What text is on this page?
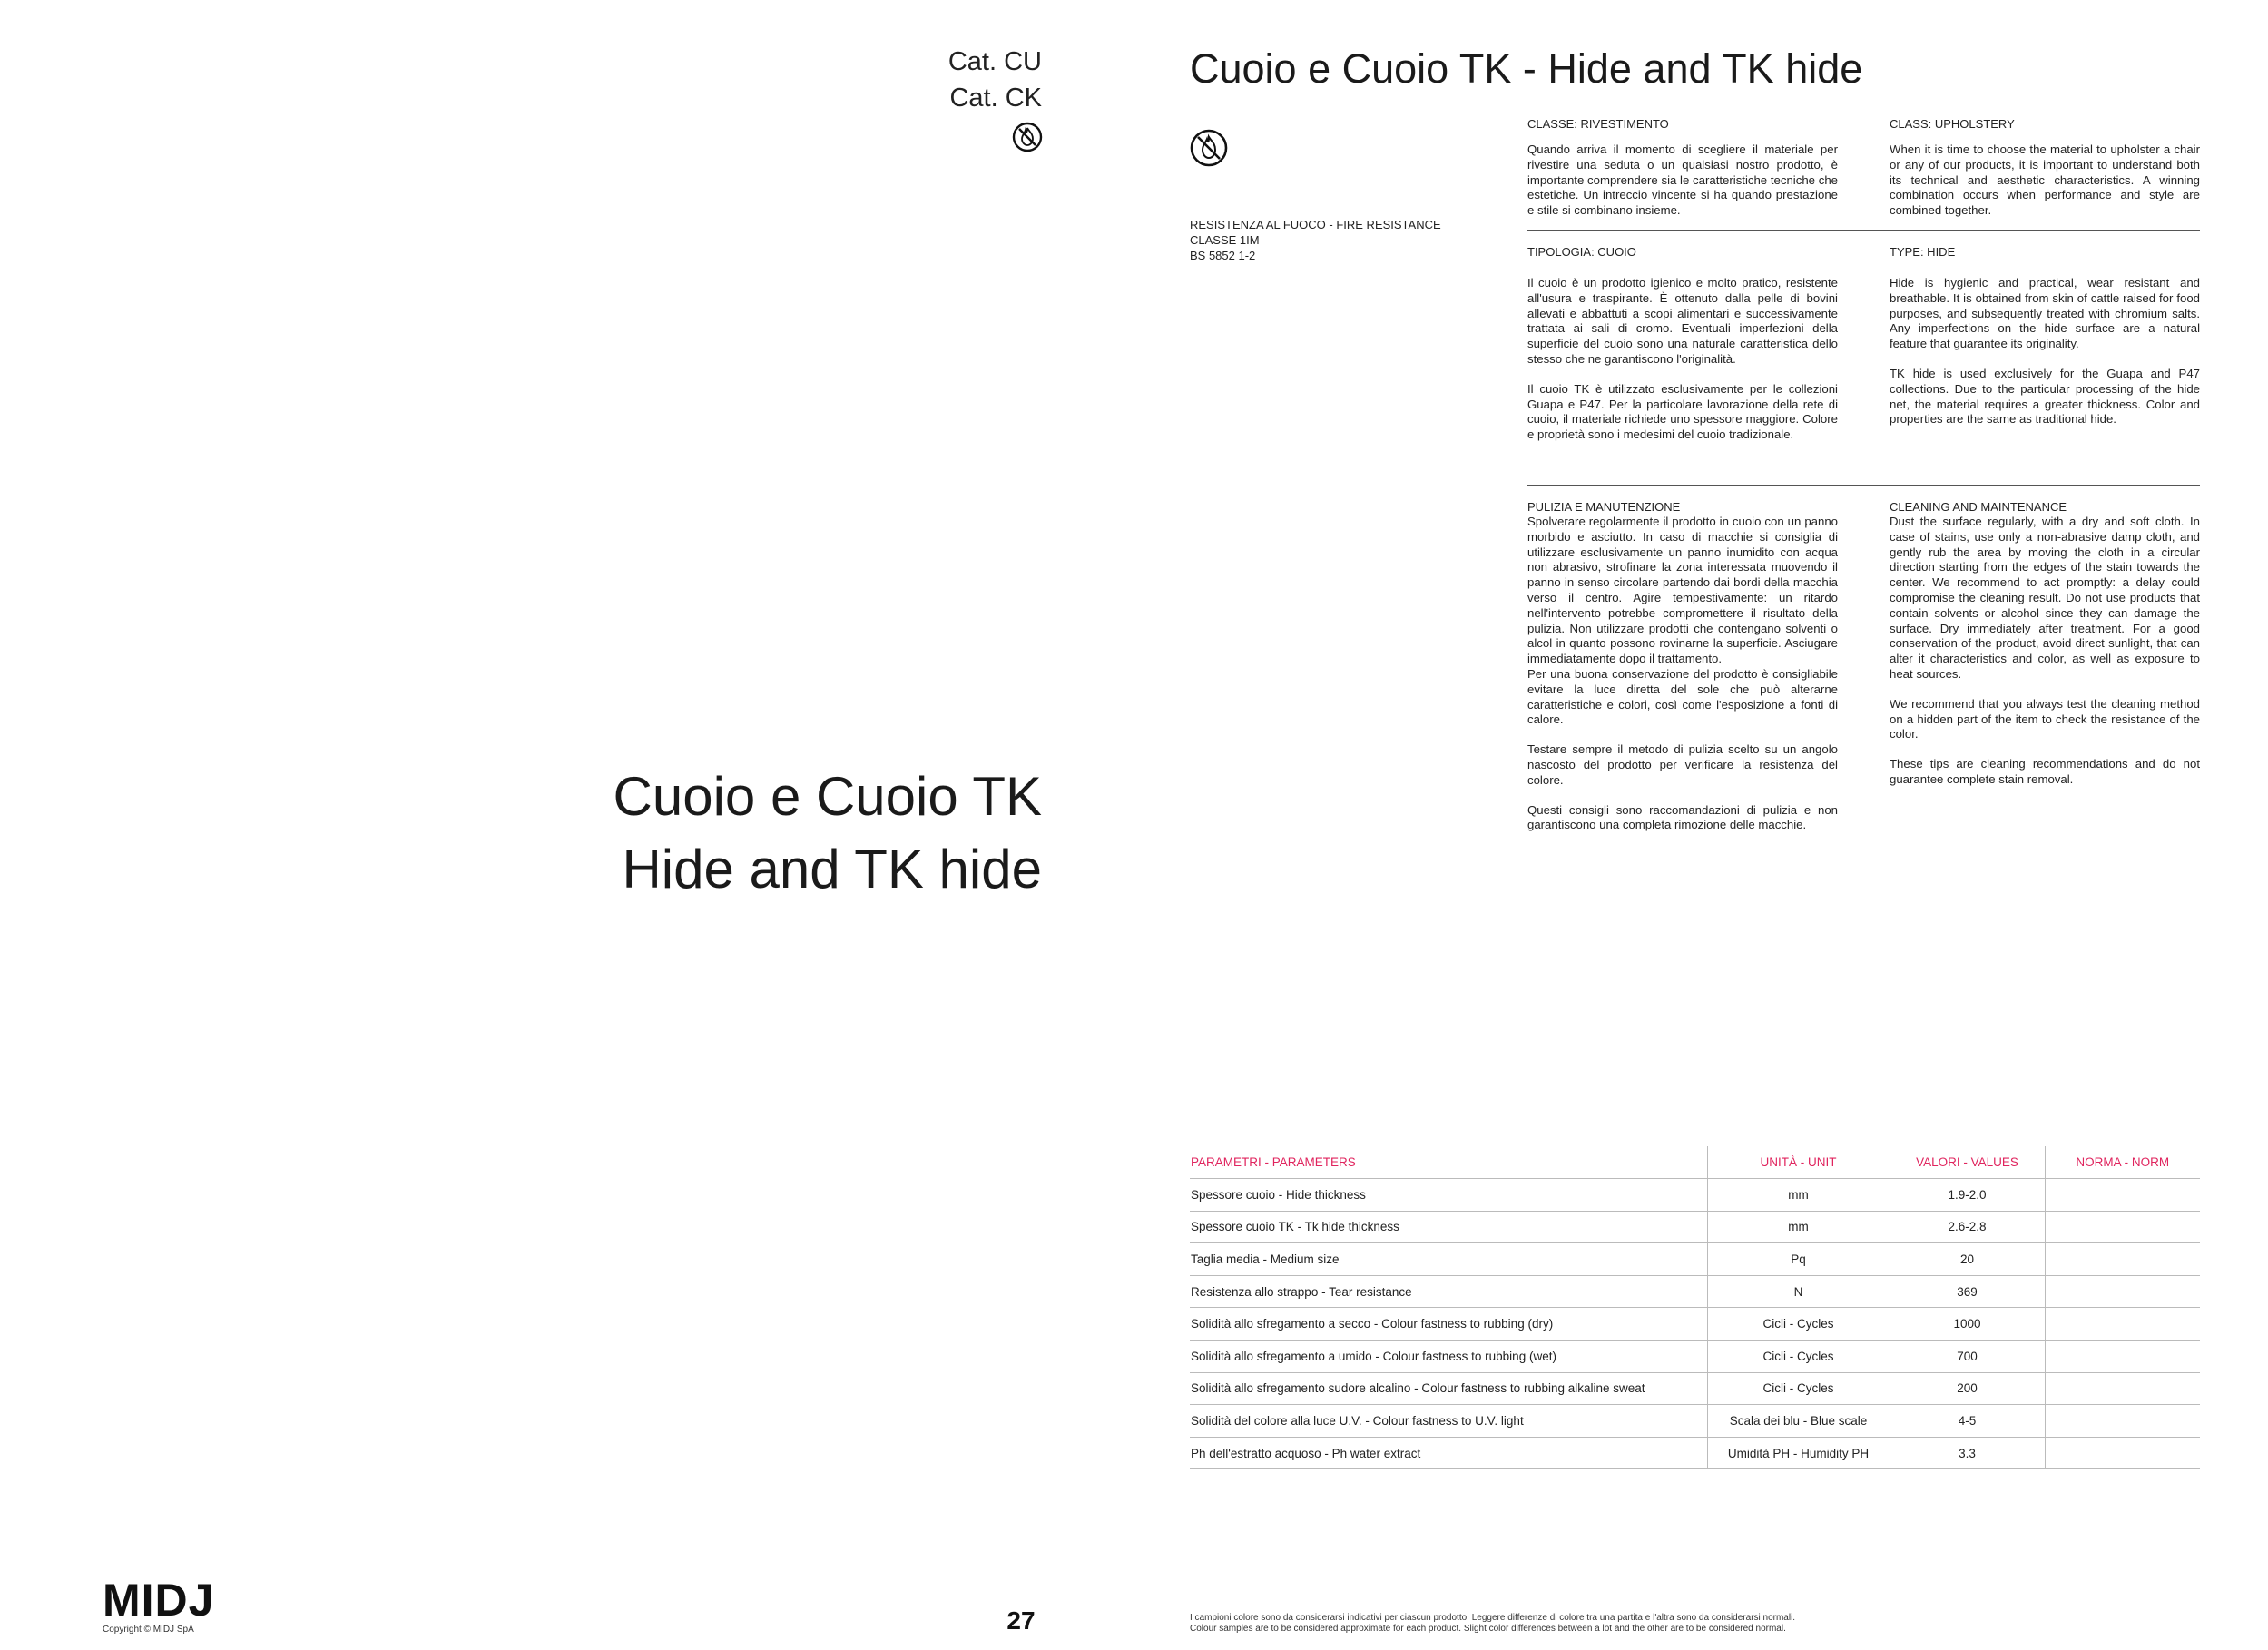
Cat. CU
Cat. CK
Cuoio e Cuoio TK
Hide and TK hide
MIDJ
Copyright © MIDJ SpA	27
Cuoio e Cuoio TK - Hide and TK hide
RESISTENZA AL FUOCO - FIRE RESISTANCE
CLASSE 1IM
BS 5852 1-2
CLASSE: RIVESTIMENTO

Quando arriva il momento di scegliere il materiale per rivestire una seduta o un qualsiasi nostro prodotto, è importante comprendere sia le caratteristiche tecniche che estetiche. Un intreccio vincente si ha quando prestazione e stile si combinano insieme.

CLASS: UPHOLSTERY

When it is time to choose the material to upholster a chair or any of our products, it is important to understand both its technical and aesthetic characteristics. A winning combination occurs when performance and style are combined together.

TIPOLOGIA: CUOIO

Il cuoio è un prodotto igienico e molto pratico, resistente all'usura e traspirante. È ottenuto dalla pelle di bovini allevati e abbattuti a scopi alimentari e successivamente trattata ai sali di cromo. Eventuali imperfezioni della superficie del cuoio sono una naturale caratteristica dello stesso che ne garantiscono l'originalità.

Il cuoio TK è utilizzato esclusivamente per le collezioni Guapa e P47. Per la particolare lavorazione della rete di cuoio, il materiale richiede uno spessore maggiore. Colore e proprietà sono i medesimi del cuoio tradizionale.

TYPE: HIDE

Hide is hygienic and practical, wear resistant and breathable. It is obtained from skin of cattle raised for food purposes, and subsequently treated with chromium salts. Any imperfections on the hide surface are a natural feature that guarantee its originality.

TK hide is used exclusively for the Guapa and P47 collections. Due to the particular processing of the hide net, the material requires a greater thickness. Color and properties are the same as traditional hide.

PULIZIA E MANUTENZIONE

Spolverare regolarmente il prodotto in cuoio con un panno morbido e asciutto. In caso di macchie si consiglia di utilizzare esclusivamente un panno inumidito con acqua non abrasivo, strofinare la zona interessata muovendo il panno in senso circolare partendo dai bordi della macchia verso il centro. Agire tempestivamente: un ritardo nell'intervento potrebbe compromettere il risultato della pulizia. Non utilizzare prodotti che contengano solventi o alcol in quanto possono rovinarne la superficie. Asciugare immediatamente dopo il trattamento.

Per una buona conservazione del prodotto è consigliabile evitare la luce diretta del sole che può alterarne caratteristiche e colori, così come l'esposizione a fonti di calore.

Testare sempre il metodo di pulizia scelto su un angolo nascosto del prodotto per verificare la resistenza del colore.

Questi consigli sono raccomandazioni di pulizia e non garantiscono una completa rimozione delle macchie.

CLEANING AND MAINTENANCE

Dust the surface regularly, with a dry and soft cloth. In case of stains, use only a non-abrasive damp cloth, and gently rub the area by moving the cloth in a circular direction starting from the edges of the stain towards the center. We recommend to act promptly: a delay could compromise the cleaning result. Do not use products that contain solvents or alcohol since they can damage the surface. Dry immediately after treatment. For a good conservation of the product, avoid direct sunlight, that can alter it characteristics and color, as well as exposure to heat sources.

We recommend that you always test the cleaning method on a hidden part of the item to check the resistance of the color.

These tips are cleaning recommendations and do not guarantee complete stain removal.

PARAMETRI - PARAMETERS	UNITÀ - UNIT	VALORI - VALUES	NORMA - NORM
Spessore cuoio - Hide thickness	mm	1.9-2.0	
Spessore cuoio TK - Tk hide thickness	mm	2.6-2.8	
Taglia media - Medium size	Pq	20	
Resistenza allo strappo - Tear resistance	N	369	
Solidità allo sfregamento a secco - Colour fastness to rubbing (dry)	Cicli - Cycles	1000	
Solidità allo sfregamento a umido - Colour fastness to rubbing (wet)	Cicli - Cycles	700	
Solidità allo sfregamento sudore alcalino - Colour fastness to rubbing alkaline sweat	Cicli - Cycles	200	
Solidità del colore alla luce U.V. - Colour fastness to U.V. light	Scala dei blu - Blue scale	4-5	
Ph dell'estratto acquoso - Ph water extract	Umidità PH - Humidity PH	3.3	
I campioni colore sono da considerarsi indicativi per ciascun prodotto. Leggere differenze di colore tra una partita e l'altra sono da considerarsi normali.
Colour samples are to be considered approximate for each product. Slight color differences between a lot and the other are to be considered normal.
